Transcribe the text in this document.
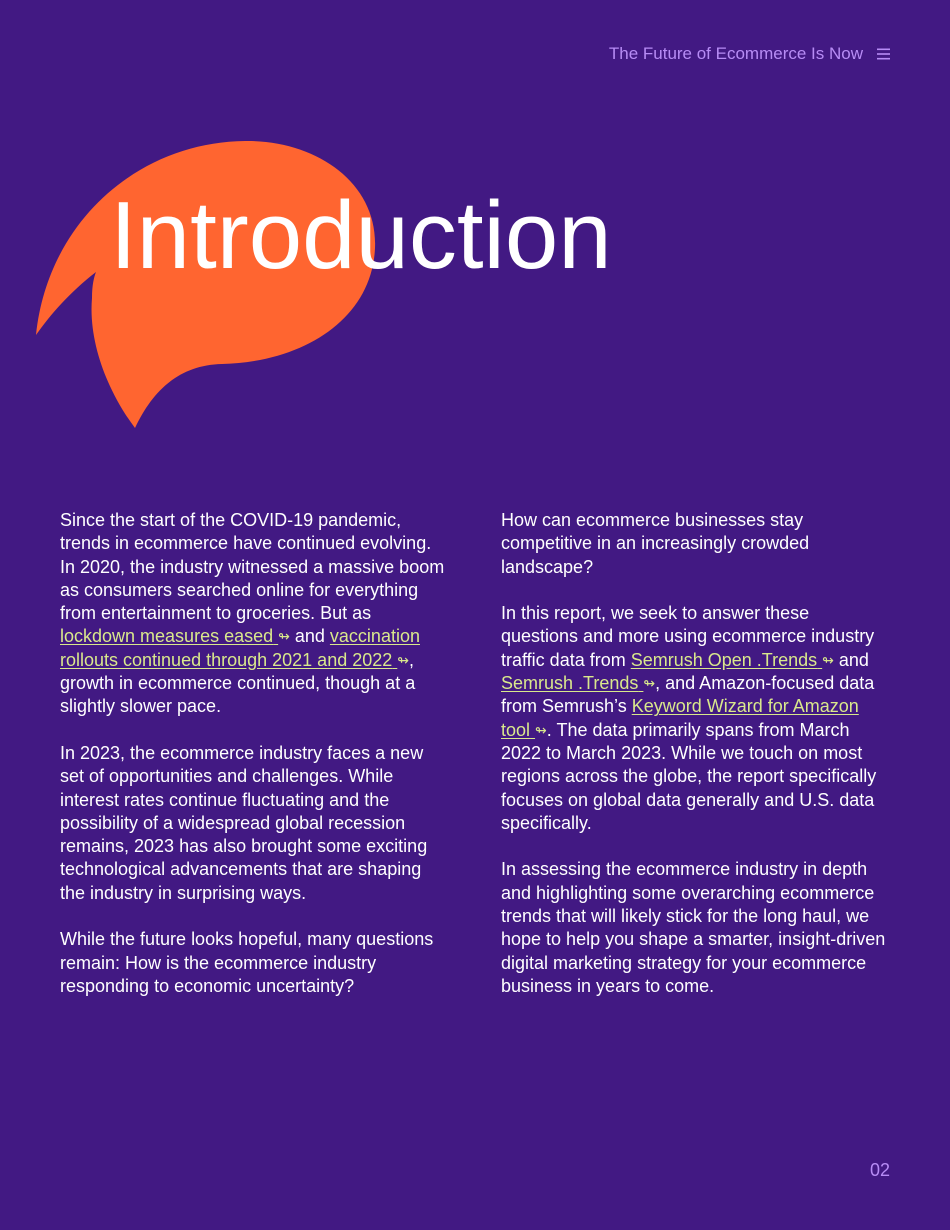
The Future of Ecommerce Is Now
Introduction

Since the start of the COVID-19 pandemic, trends in ecommerce have continued evolving. In 2020, the industry witnessed a massive boom as consumers searched online for everything from entertainment to groceries. But as lockdown measures eased ↬ and vaccination rollouts continued through 2021 and 2022 ↬, growth in ecommerce continued, though at a slightly slower pace.

In 2023, the ecommerce industry faces a new set of opportunities and challenges. While interest rates continue fluctuating and the possibility of a widespread global recession remains, 2023 has also brought some exciting technological advancements that are shaping the industry in surprising ways.

While the future looks hopeful, many questions remain: How is the ecommerce industry responding to economic uncertainty?

How can ecommerce businesses stay competitive in an increasingly crowded landscape?

In this report, we seek to answer these questions and more using ecommerce industry traffic data from Semrush Open .Trends ↬ and Semrush .Trends ↬, and Amazon-focused data from Semrush’s Keyword Wizard for Amazon tool ↬. The data primarily spans from March 2022 to March 2023. While we touch on most regions across the globe, the report specifically focuses on global data generally and U.S. data specifically.

In assessing the ecommerce industry in depth and highlighting some overarching ecommerce trends that will likely stick for the long haul, we hope to help you shape a smarter, insight-driven digital marketing strategy for your ecommerce business in years to come.

02
